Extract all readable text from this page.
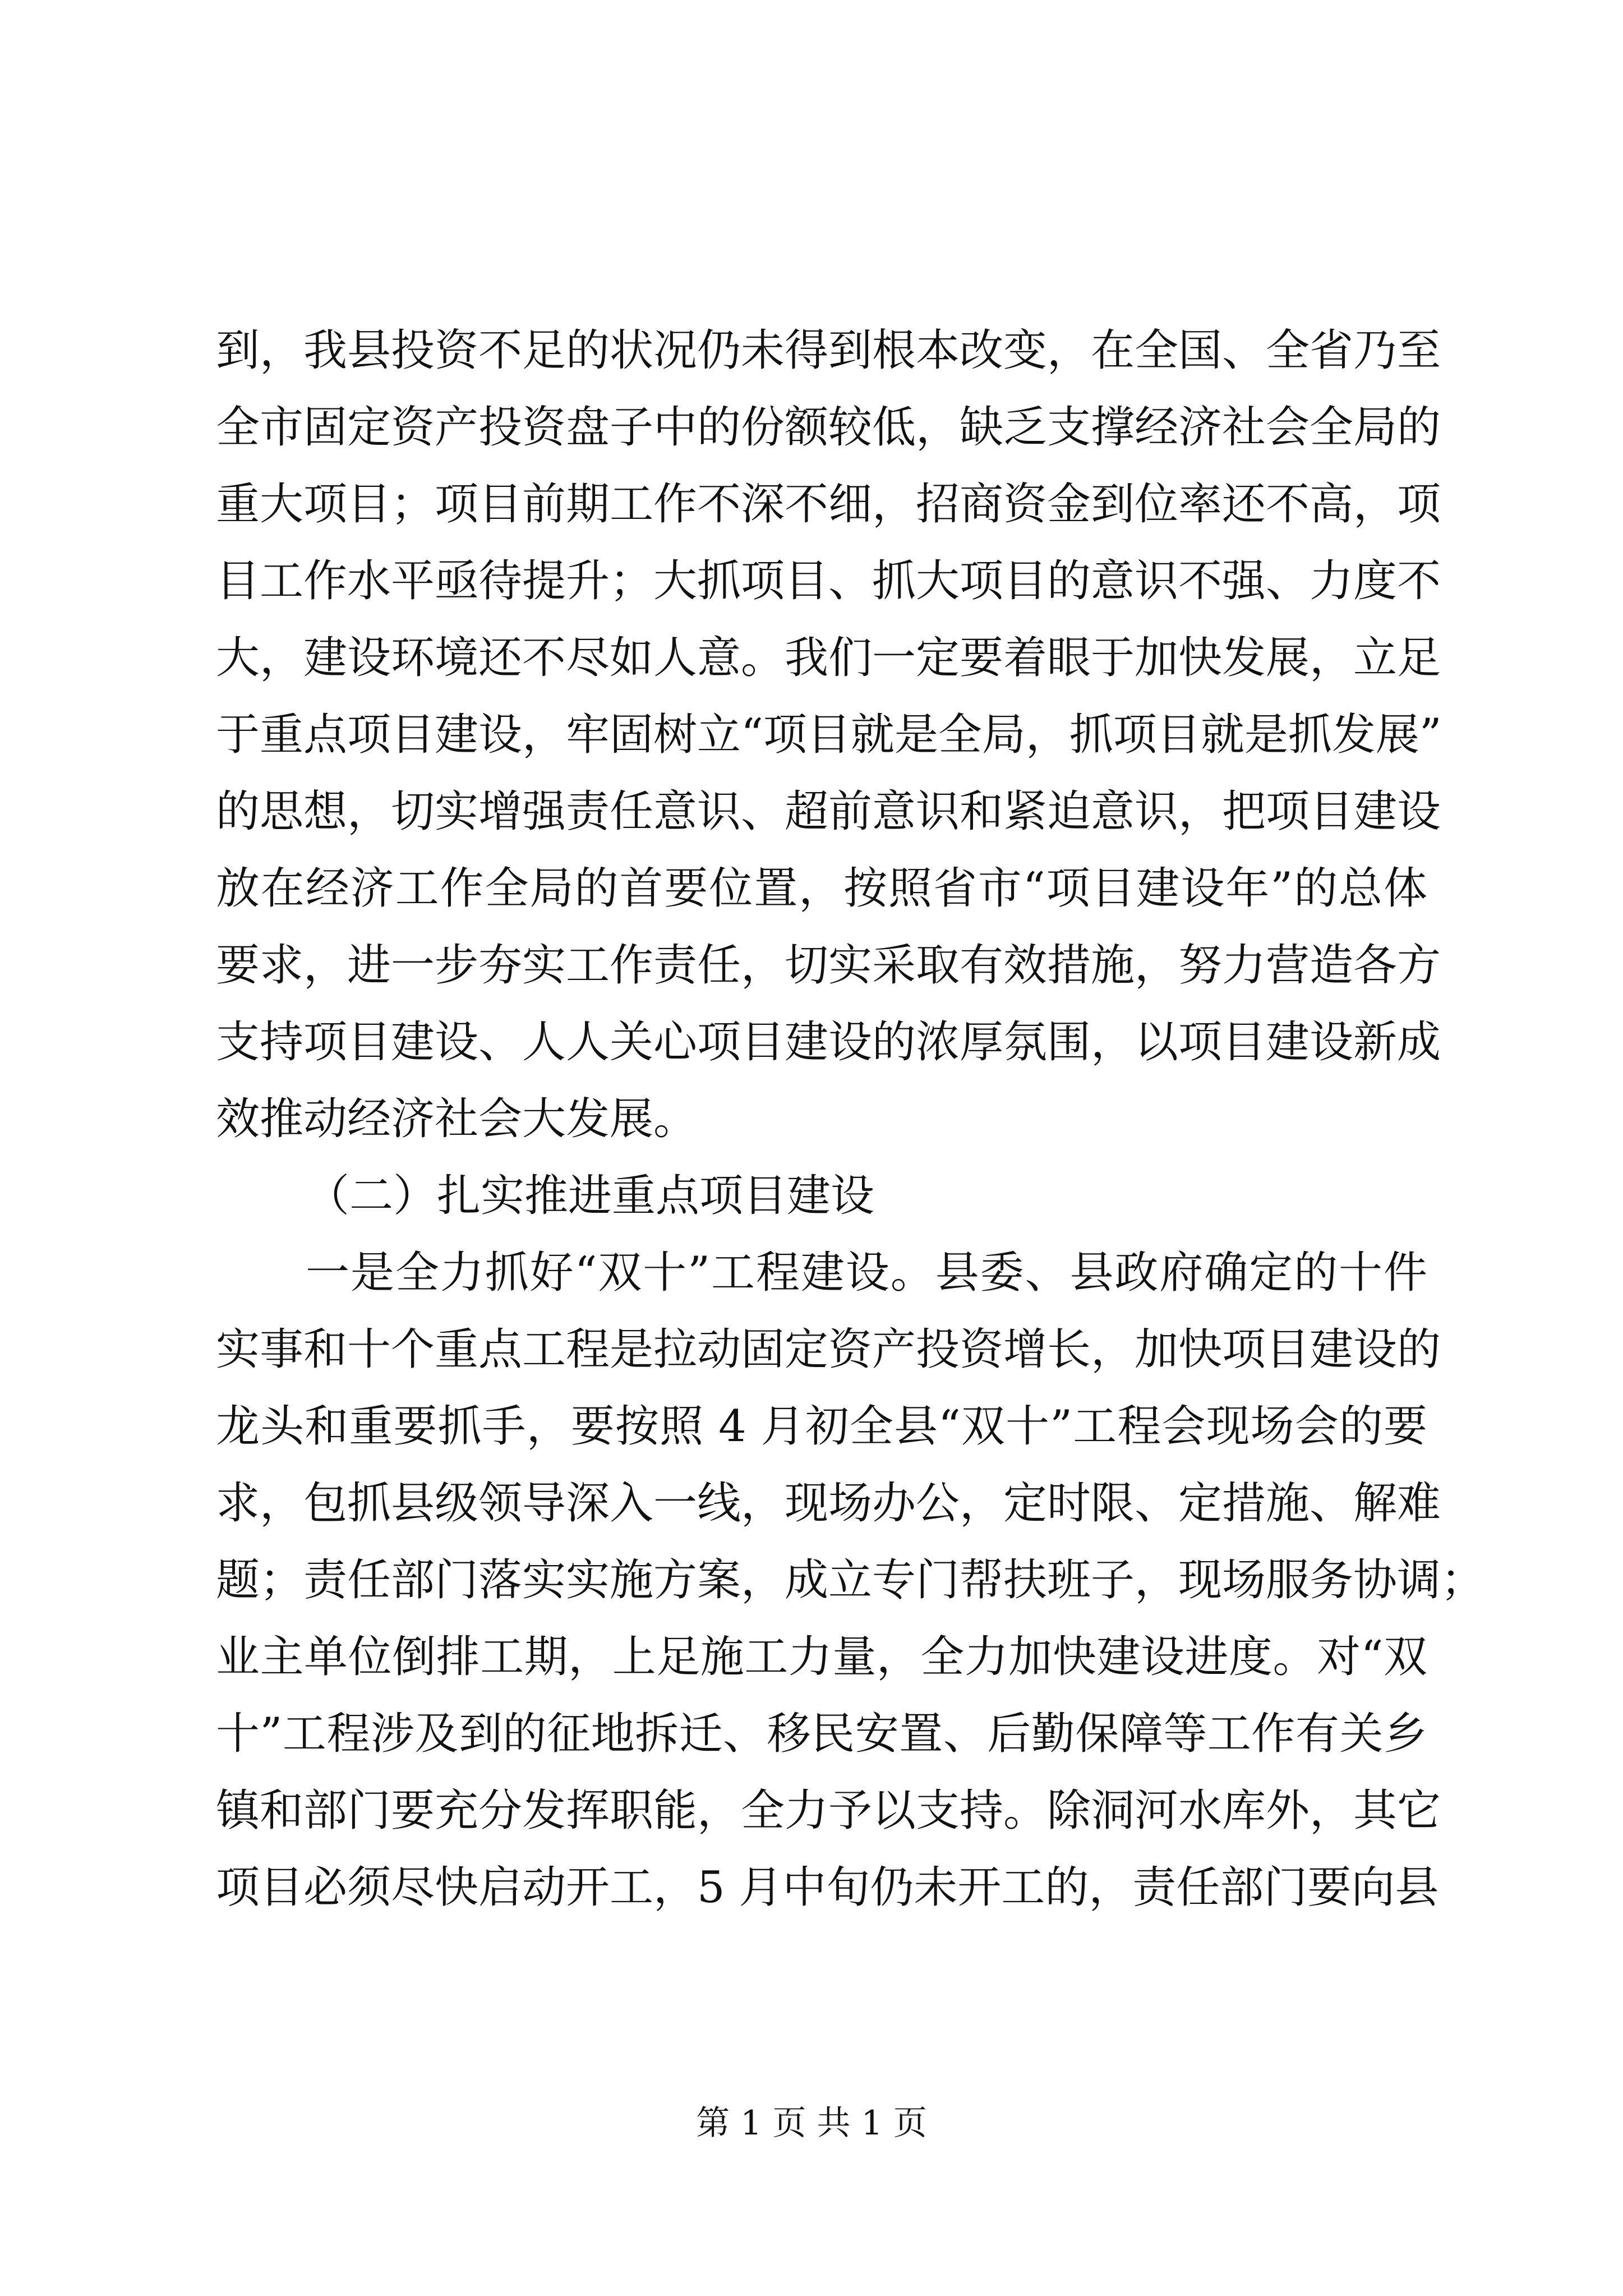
到，我县投资不足的状况仍未得到根本改变，在全国、全省乃至
全市固定资产投资盘子中的份额较低，缺乏支撑经济社会全局的
重大项目；项目前期工作不深不细，招商资金到位率还不高，项
目工作水平亟待提升；大抓项目、抓大项目的意识不强、力度不
大，建设环境还不尽如人意。我们一定要着眼于加快发展，立足
于重点项目建设，牢固树立“项目就是全局，抓项目就是抓发展”
的思想，切实增强责任意识、超前意识和紧迫意识，把项目建设
放在经济工作全局的首要位置，按照省市“项目建设年”的总体
要求，进一步夯实工作责任，切实采取有效措施，努力营造各方
支持项目建设、人人关心项目建设的浓厚氛围，以项目建设新成
效推动经济社会大发展。
（二）扎实推进重点项目建设
一是全力抓好“双十”工程建设。县委、县政府确定的十件
实事和十个重点工程是拉动固定资产投资增长，加快项目建设的
龙头和重要抓手，要按照 4 月初全县“双十”工程会现场会的要
求，包抓县级领导深入一线，现场办公，定时限、定措施、解难
题；责任部门落实实施方案，成立专门帮扶班子，现场服务协调；
业主单位倒排工期，上足施工力量，全力加快建设进度。对“双
十”工程涉及到的征地拆迁、移民安置、后勤保障等工作有关乡
镇和部门要充分发挥职能，全力予以支持。除洞河水库外，其它
项目必须尽快启动开工，5 月中旬仍未开工的，责任部门要向县
第 1 页 共 1 页
